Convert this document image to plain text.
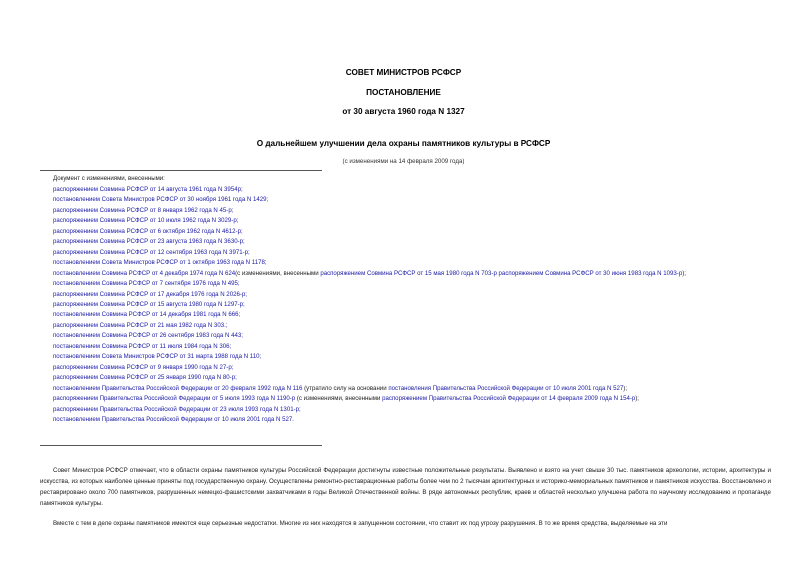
СОВЕТ МИНИСТРОВ РСФСР
ПОСТАНОВЛЕНИЕ
от 30 августа 1960 года N 1327
О дальнейшем улучшении дела охраны памятников культуры в РСФСР
(с изменениями на 14 февраля 2009 года)
Документ с изменениями, внесенными:
распоряжением Совмина РСФСР от 14 августа 1961 года N 3954р;
постановлением Совета Министров РСФСР от 30 ноября 1961 года N 1429;
распоряжением Совмина РСФСР от 8 января 1962 года N 45-р;
распоряжением Совмина РСФСР от 10 июля 1962 года N 3029-р;
распоряжением Совмина РСФСР от 6 октября 1962 года N 4612-р;
распоряжением Совмина РСФСР от 23 августа 1963 года N 3630-р;
распоряжением Совмина РСФСР от 12 сентября 1963 года N 3971-р;
постановлением Совета Министров РСФСР от 1 октября 1963 года N 1178;
постановлением Совмина РСФСР от 4 декабря 1974 года N 624(с изменениями, внесенными распоряжением Совмина РСФСР от 15 мая 1980 года N 703-р распоряжением Совмина РСФСР от 30 июня 1983 года N 1093-р);
постановлением Совмина РСФСР от 7 сентября 1976 года N 495;
распоряжением Совмина РСФСР от 17 декабря 1976 года N 2026-р;
распоряжением Совмина РСФСР от 15 августа 1980 года N 1297-р;
постановлением Совмина РСФСР от 14 декабря 1981 года N 666;
распоряжением Совмина РСФСР от 21 мая 1982 года N 303.;
постановлением Совмина РСФСР от 26 сентября 1983 года N 443;
постановлением Совмина РСФСР от 11 июля 1984 года N 306;
постановлением Совета Министров РСФСР от 31 марта 1988 года N 110;
распоряжением Совмина РСФСР от 9 января 1990 года N 27-р;
распоряжением Совмина РСФСР от 25 января 1990 года N 80-р;
постановлением Правительства Российской Федерации от 20 февраля 1992 года N 116 (утратило силу на основании постановления Правительства Российской Федерации от 10 июля 2001 года N 527);
распоряжением Правительства Российской Федерации от 5 июля 1993 года N 1190-р (с изменениями, внесенными распоряжением Правительства Российской Федерации от 14 февраля 2009 года N 154-р);
распоряжением Правительства Российской Федерации от 23 июля 1993 года N 1301-р;
постановлением Правительства Российской Федерации от 10 июля 2001 года N 527.

Совет Министров РСФСР отмечает, что в области охраны памятников культуры Российской Федерации достигнуты известные положительные результаты. Выявлено и взято на учет свыше 30 тыс. памятников археологии, истории, архитектуры и искусства, из которых наиболее ценные приняты под государственную охрану. Осуществлены ремонтно-реставрационные работы более чем по 2 тысячам архитектурных и историко-мемориальных памятников и памятников искусства. Восстановлено и реставрировано около 700 памятников, разрушенных немецко-фашистскими захватчиками в годы Великой Отечественной войны. В ряде автономных республик, краев и областей несколько улучшена работа по научному исследованию и пропаганде памятников культуры.

Вместе с тем в деле охраны памятников имеются еще серьезные недостатки. Многие из них находятся в запущенном состоянии, что ставит их под угрозу разрушения. В то же время средства, выделяемые на эти
